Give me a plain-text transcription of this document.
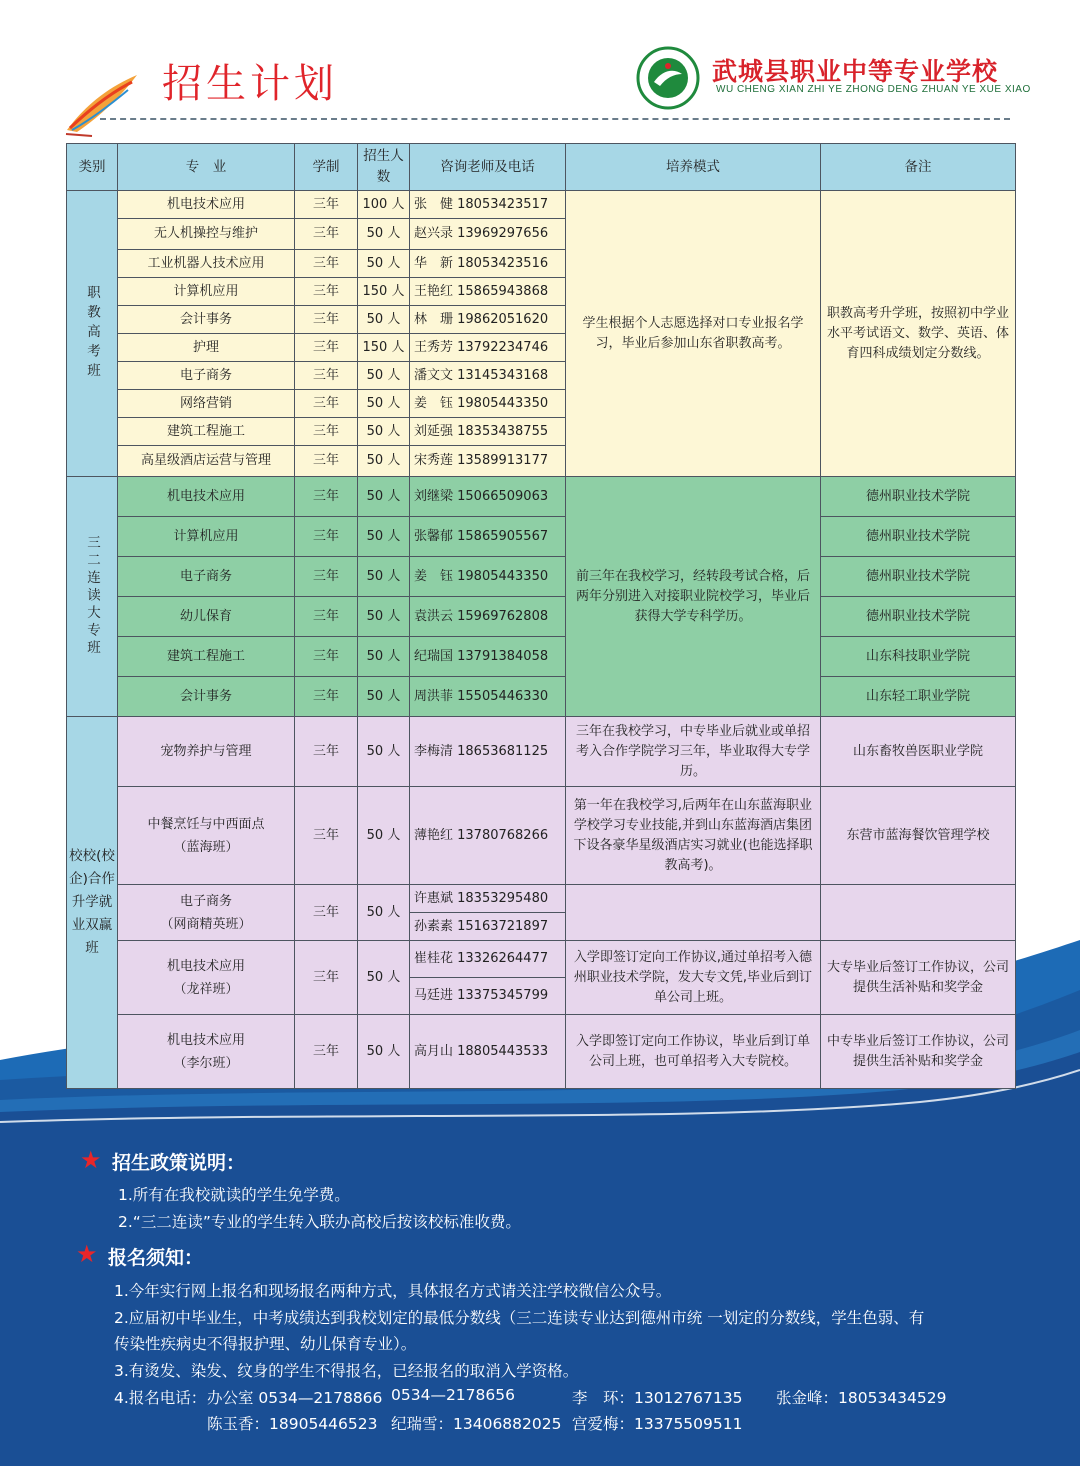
招生计划	武城县职业中等专业学校
WU CHENG XIAN ZHI YE ZHONG DENG ZHUAN YE XUE XIAO
类别	专　业	学制	招生人数	咨询老师及电话	培养模式	备注
职教高考班	机电技术应用	三年	100 人	张　健 18053423517	学生根据个人志愿选择对口专业报名学习，毕业后参加山东省职教高考。	职教高考升学班，按照初中学业水平考试语文、数学、英语、体育四科成绩划定分数线。
	无人机操控与维护	三年	50 人	赵兴录 13969297656		
	工业机器人技术应用	三年	50 人	华　新 18053423516		
	计算机应用	三年	150 人	王艳红 15865943868		
	会计事务	三年	50 人	林　珊 19862051620		
	护理	三年	150 人	王秀芳 13792234746		
	电子商务	三年	50 人	潘文文 13145343168		
	网络营销	三年	50 人	姜　钰 19805443350		
	建筑工程施工	三年	50 人	刘延强 18353438755		
	高星级酒店运营与管理	三年	50 人	宋秀莲 13589913177		
三二连读大专班	机电技术应用	三年	50 人	刘继梁 15066509063	前三年在我校学习，经转段考试合格，后两年分别进入对接职业院校学习，毕业后获得大学专科学历。	德州职业技术学院
	计算机应用	三年	50 人	张馨郁 15865905567		德州职业技术学院
	电子商务	三年	50 人	姜　钰 19805443350		德州职业技术学院
	幼儿保育	三年	50 人	袁洪云 15969762808		德州职业技术学院
	建筑工程施工	三年	50 人	纪瑞国 13791384058		山东科技职业学院
	会计事务	三年	50 人	周洪菲 15505446330		山东轻工职业学院
校校(校企)合作升学就业双赢班	宠物养护与管理	三年	50 人	李梅清 18653681125	三年在我校学习，中专毕业后就业或单招考入合作学院学习三年，毕业取得大专学历。	山东畜牧兽医职业学院

	中餐烹饪与中西面点
（蓝海班）	三年	50 人	薄艳红 13780768266	第一年在我校学习,后两年在山东蓝海职业学校学习专业技能,并到山东蓝海酒店集团下设各豪华星级酒店实习就业(也能选择职教高考)。	东营市蓝海餐饮管理学校

	电子商务
（网商精英班）	三年	50 人	许惠斌 18353295480		
				孙素素 15163721897		

	机电技术应用
（龙祥班）	三年	50 人	崔桂花 13326264477	入学即签订定向工作协议,通过单招考入德州职业技术学院，发大专文凭,毕业后到订单公司上班。	大专毕业后签订工作协议，公司提供生活补贴和奖学金
				马廷进 13375345799		

	机电技术应用
（李尔班）	三年	50 人	高月山 18805443533	入学即签订定向工作协议，毕业后到订单公司上班，也可单招考入大专院校。	中专毕业后签订工作协议，公司提供生活补贴和奖学金
★ 招生政策说明：
1.所有在我校就读的学生免学费。
2.“三二连读”专业的学生转入联办高校后按该校标准收费。
★ 报名须知：
1.今年实行网上报名和现场报名两种方式，具体报名方式请关注学校微信公众号。
2.应届初中毕业生，中考成绩达到我校划定的最低分数线（三二连读专业达到德州市统 一划定的分数线，学生色弱、有
传染性疾病史不得报护理、幼儿保育专业）。
3.有烫发、染发、纹身的学生不得报名，已经报名的取消入学资格。
4.报名电话： 办公室 0534—2178866 0534—2178656	李　环：13012767135 张金峰：18053434529
陈玉香：18905446523 纪瑞雪：13406882025 宫爱梅：13375509511
